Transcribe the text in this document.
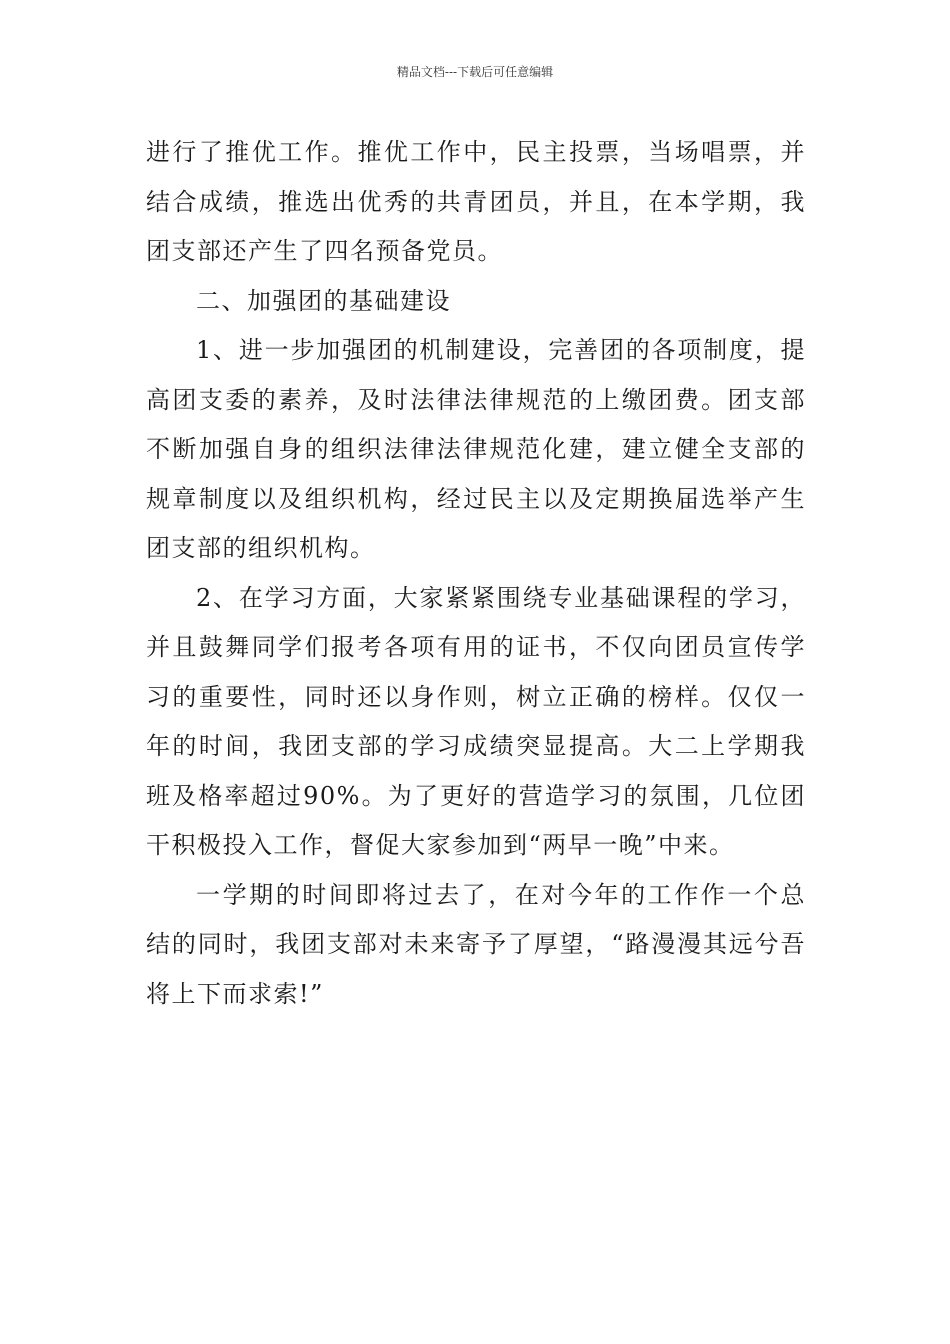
精品文档---下载后可任意编辑

进行了推优工作。推优工作中，民主投票，当场唱票，并结合成绩，推选出优秀的共青团员，并且，在本学期，我团支部还产生了四名预备党员。

二、加强团的基础建设

1、进一步加强团的机制建设，完善团的各项制度，提高团支委的素养，及时法律法律规范的上缴团费。团支部不断加强自身的组织法律法律规范化建，建立健全支部的规章制度以及组织机构，经过民主以及定期换届选举产生团支部的组织机构。

2、在学习方面，大家紧紧围绕专业基础课程的学习，并且鼓舞同学们报考各项有用的证书，不仅向团员宣传学习的重要性，同时还以身作则，树立正确的榜样。仅仅一年的时间，我团支部的学习成绩突显提高。大二上学期我班及格率超过90%。为了更好的营造学习的氛围，几位团干积极投入工作，督促大家参加到“两早一晚”中来。

一学期的时间即将过去了，在对今年的工作作一个总结的同时，我团支部对未来寄予了厚望，“路漫漫其远兮吾将上下而求索!”
